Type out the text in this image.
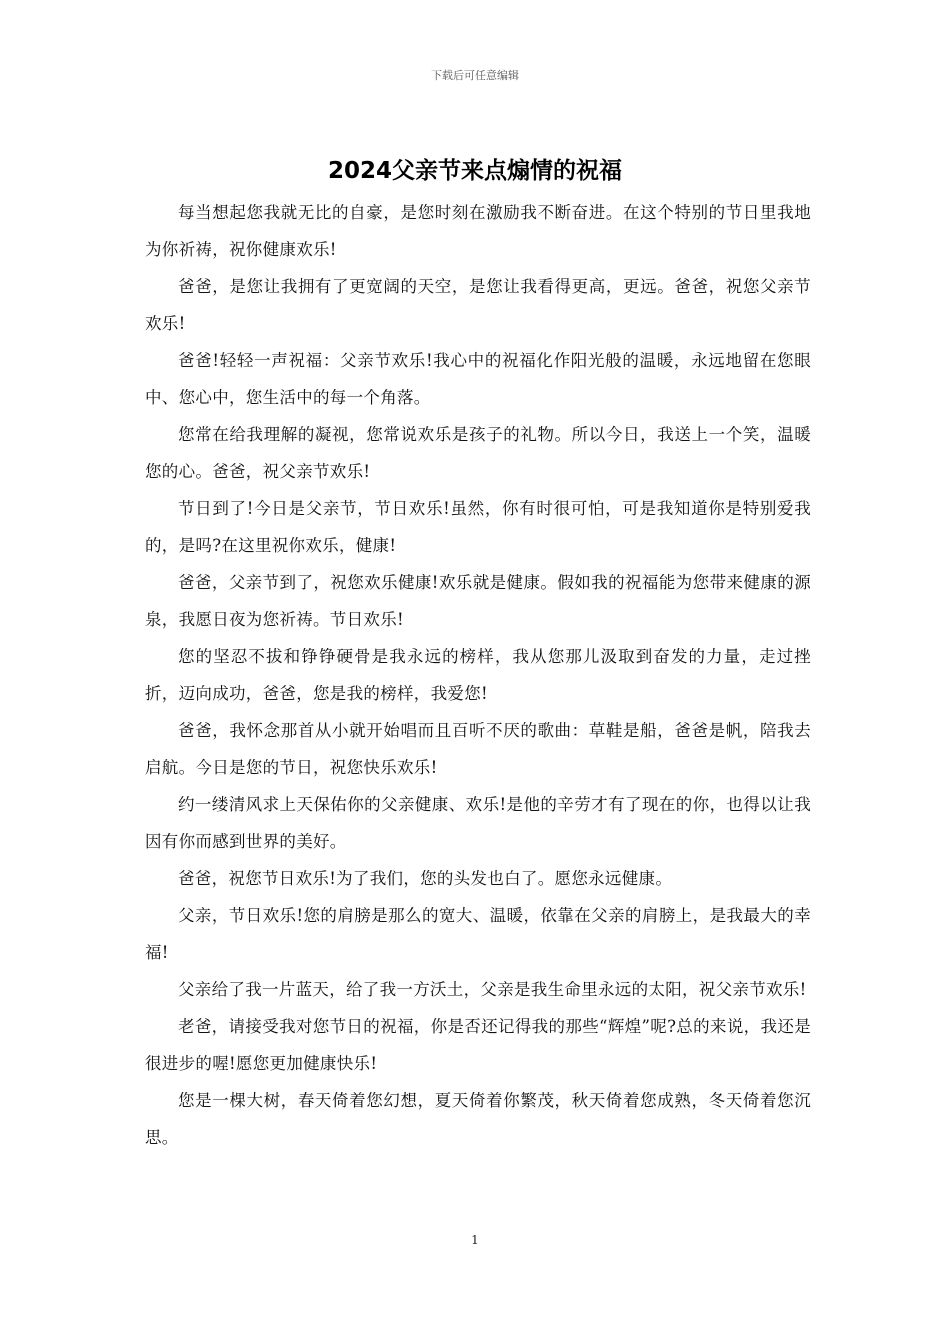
下载后可任意编辑
2024父亲节来点煽情的祝福

每当想起您我就无比的自豪，是您时刻在激励我不断奋进。在这个特别的节日里我地为你祈祷，祝你健康欢乐!

爸爸，是您让我拥有了更宽阔的天空，是您让我看得更高，更远。爸爸，祝您父亲节欢乐!

爸爸!轻轻一声祝福：父亲节欢乐!我心中的祝福化作阳光般的温暖，永远地留在您眼中、您心中，您生活中的每一个角落。

您常在给我理解的凝视，您常说欢乐是孩子的礼物。所以今日，我送上一个笑，温暖您的心。爸爸，祝父亲节欢乐!

节日到了!今日是父亲节，节日欢乐!虽然，你有时很可怕，可是我知道你是特别爱我的，是吗?在这里祝你欢乐，健康!

爸爸，父亲节到了，祝您欢乐健康!欢乐就是健康。假如我的祝福能为您带来健康的源泉，我愿日夜为您祈祷。节日欢乐!

您的坚忍不拔和铮铮硬骨是我永远的榜样，我从您那儿汲取到奋发的力量，走过挫折，迈向成功，爸爸，您是我的榜样，我爱您!

爸爸，我怀念那首从小就开始唱而且百听不厌的歌曲：草鞋是船，爸爸是帆，陪我去启航。今日是您的节日，祝您快乐欢乐!

约一缕清风求上天保佑你的父亲健康、欢乐!是他的辛劳才有了现在的你，也得以让我因有你而感到世界的美好。

爸爸，祝您节日欢乐!为了我们，您的头发也白了。愿您永远健康。

父亲，节日欢乐!您的肩膀是那么的宽大、温暖，依靠在父亲的肩膀上，是我最大的幸福!

父亲给了我一片蓝天，给了我一方沃土，父亲是我生命里永远的太阳，祝父亲节欢乐!

老爸，请接受我对您节日的祝福，你是否还记得我的那些“辉煌”呢?总的来说，我还是很进步的喔!愿您更加健康快乐!

您是一棵大树，春天倚着您幻想，夏天倚着你繁茂，秋天倚着您成熟，冬天倚着您沉思。

1
